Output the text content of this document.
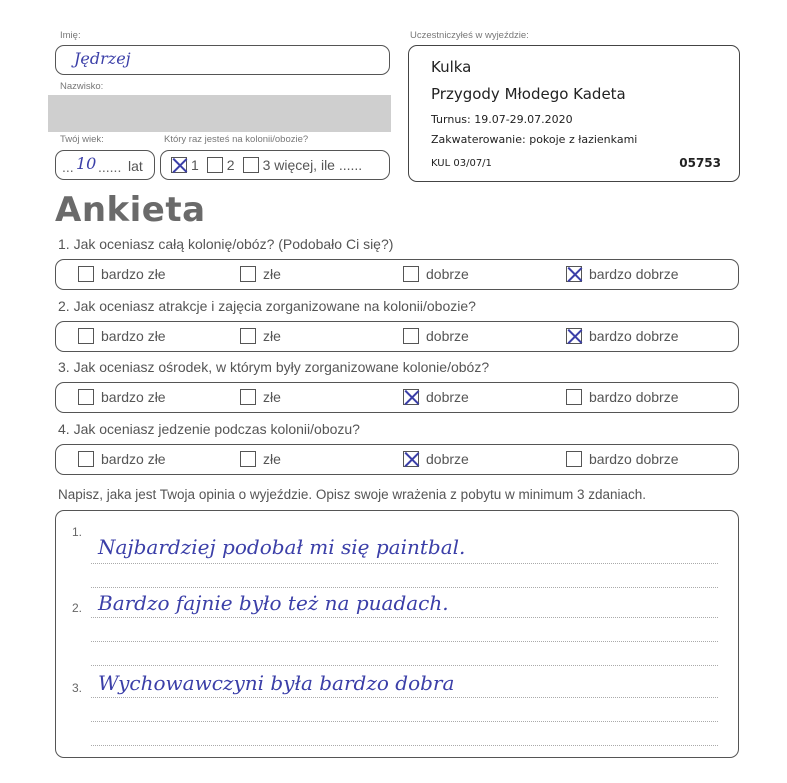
Imię:
Jędrzej
Nazwisko:
Twój wiek:
... 10 ...... lat
Który raz jesteś na kolonii/obozie?
1 2 3 więcej, ile ......
Uczestniczyłeś w wyjeździe:
Kulka
Przygody Młodego Kadeta
Turnus: 19.07-29.07.2020
Zakwaterowanie: pokoje z łazienkami
KUL 03/07/1	05753
Ankieta
1. Jak oceniasz całą kolonię/obóz? (Podobało Ci się?)
bardzo złe	złe	dobrze	bardzo dobrze
2. Jak oceniasz atrakcje i zajęcia zorganizowane na kolonii/obozie?
bardzo złe	złe	dobrze	bardzo dobrze
3. Jak oceniasz ośrodek, w którym były zorganizowane kolonie/obóz?
bardzo złe	złe	dobrze	bardzo dobrze
4. Jak oceniasz jedzenie podczas kolonii/obozu?
bardzo złe	złe	dobrze	bardzo dobrze
Napisz, jaka jest Twoja opinia o wyjeździe. Opisz swoje wrażenia z pobytu w minimum 3 zdaniach.
1.
Najbardziej podobał mi się paintbal.
2. Bardzo fajnie było też na puadach.
3. Wychowawczyni była bardzo dobra
